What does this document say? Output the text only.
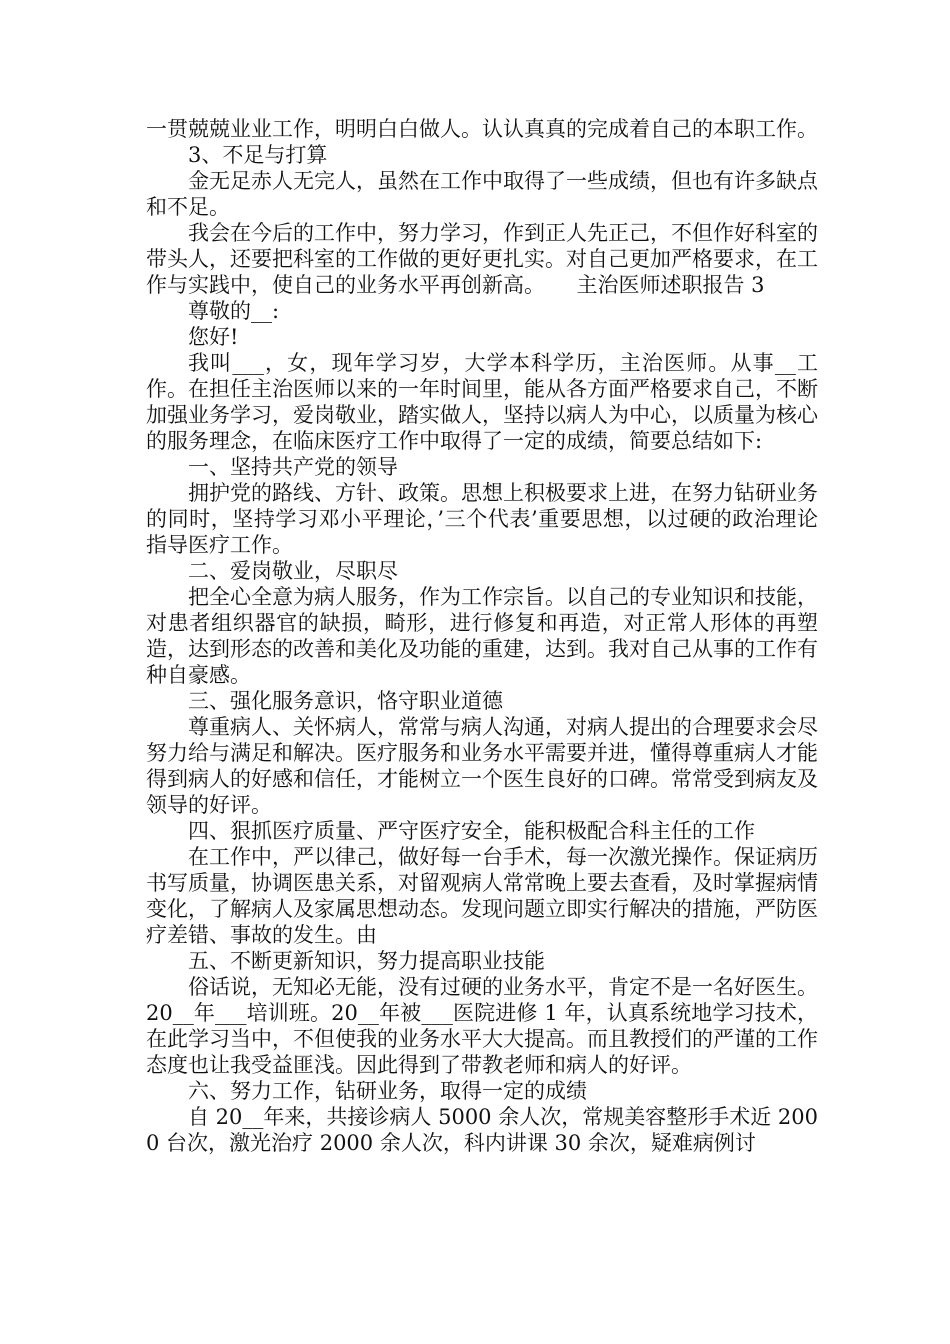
一贯兢兢业业工作，明明白白做人。认认真真的完成着自己的本职工作。

3、不足与打算

金无足赤人无完人，虽然在工作中取得了一些成绩，但也有许多缺点和不足。

我会在今后的工作中，努力学习，作到正人先正己，不但作好科室的带头人，还要把科室的工作做的更好更扎实。对自己更加严格要求，在工作与实践中，使自己的业务水平再创新高。　　主治医师述职报告 3

尊敬的__:

您好!

我叫___，女，现年学习岁，大学本科学历，主治医师。从事__工作。在担任主治医师以来的一年时间里，能从各方面严格要求自己，不断加强业务学习，爱岗敬业，踏实做人，坚持以病人为中心，以质量为核心的服务理念，在临床医疗工作中取得了一定的成绩，简要总结如下:

一、坚持共产党的领导

拥护党的路线、方针、政策。思想上积极要求上进，在努力钻研业务的同时，坚持学习邓小平理论，’三个代表’重要思想，以过硬的政治理论指导医疗工作。

二、爱岗敬业，尽职尽

把全心全意为病人服务，作为工作宗旨。以自己的专业知识和技能，对患者组织器官的缺损，畸形，进行修复和再造，对正常人形体的再塑造，达到形态的改善和美化及功能的重建，达到。我对自己从事的工作有种自豪感。

三、强化服务意识，恪守职业道德

尊重病人、关怀病人，常常与病人沟通，对病人提出的合理要求会尽努力给与满足和解决。医疗服务和业务水平需要并进，懂得尊重病人才能得到病人的好感和信任，才能树立一个医生良好的口碑。常常受到病友及领导的好评。

四、狠抓医疗质量、严守医疗安全，能积极配合科主任的工作

在工作中，严以律己，做好每一台手术，每一次激光操作。保证病历书写质量，协调医患关系，对留观病人常常晚上要去查看，及时掌握病情变化，了解病人及家属思想动态。发现问题立即实行解决的措施，严防医疗差错、事故的发生。由

五、不断更新知识，努力提高职业技能

俗话说，无知必无能，没有过硬的业务水平，肯定不是一名好医生。20__年___培训班。20__年被___医院进修 1 年，认真系统地学习技术，在此学习当中，不但使我的业务水平大大提高。而且教授们的严谨的工作态度也让我受益匪浅。因此得到了带教老师和病人的好评。

六、努力工作，钻研业务，取得一定的成绩

自 20__年来，共接诊病人 5000 余人次，常规美容整形手术近 2000 台次，激光治疗 2000 余人次，科内讲课 30 余次，疑难病例讨
